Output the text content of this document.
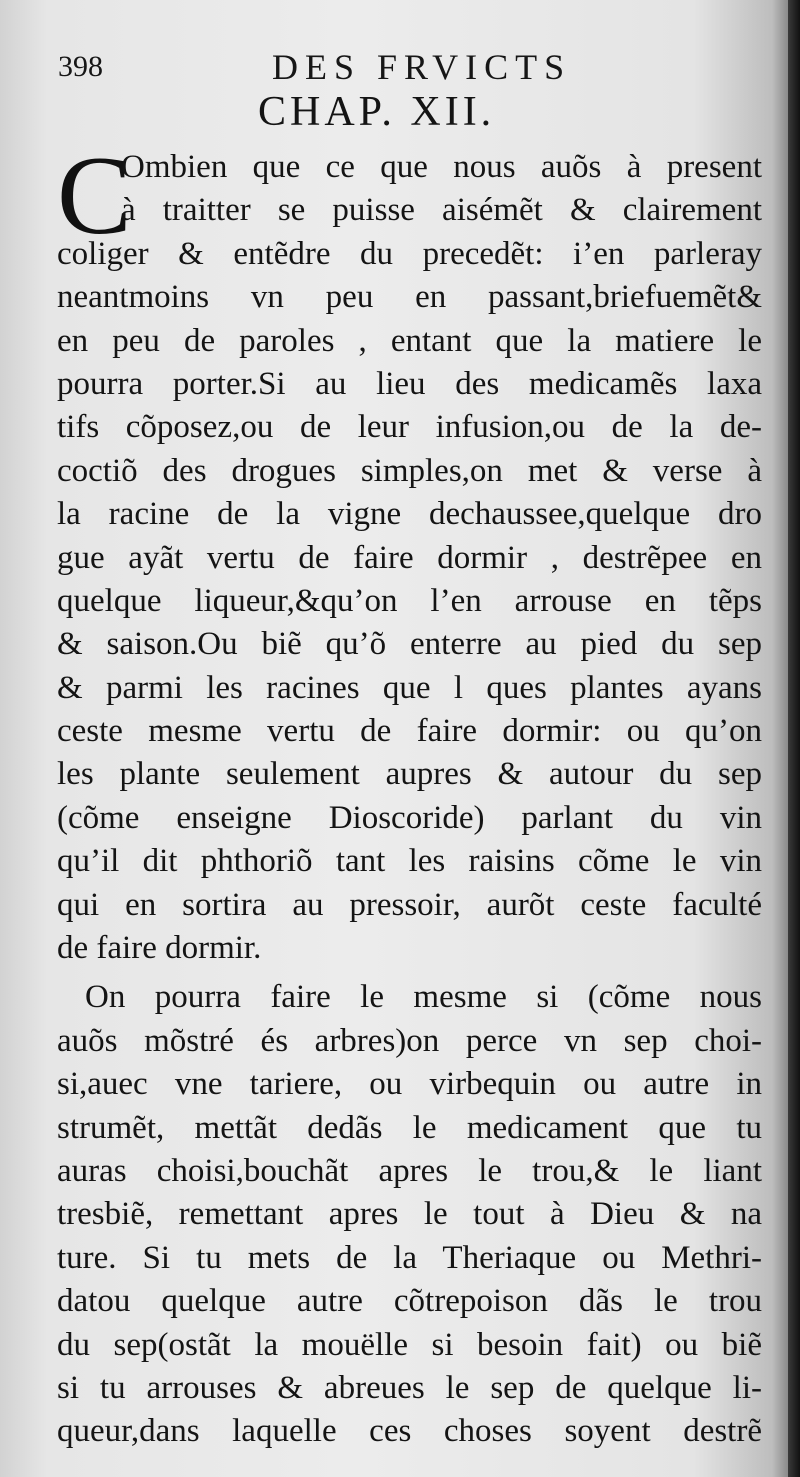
398	DES FRVICTS
CHAP. XII.
C
Ombien que ce que nous auõs à present
à traitter se puisse aisémẽt & clairement
coliger & entẽdre du precedẽt: i’en parleray
neantmoins vn peu en passant,briefuemẽt&
en peu de paroles , entant que la matiere le
pourra porter.Si au lieu des medicamẽs laxa
tifs cõposez,ou de leur infusion,ou de la de-
coctiõ des drogues simples,on met & verse à
la racine de la vigne dechaussee,quelque dro
gue ayãt vertu de faire dormir , destrẽpee en
quelque liqueur,&qu’on l’en arrouse en tẽps
& saison.Ou biẽ qu’õ enterre au pied du sep
& parmi les racines que l ques plantes ayans
ceste mesme vertu de faire dormir: ou qu’on
les plante seulement aupres & autour du sep
(cõme enseigne Dioscoride) parlant du vin
qu’il dit phthoriõ tant les raisins cõme le vin
qui en sortira au pressoir, aurõt ceste faculté
de faire dormir.
On pourra faire le mesme si (cõme nous
auõs mõstré és arbres)on perce vn sep choi-
si,auec vne tariere, ou virbequin ou autre in
strumẽt, mettãt dedãs le medicament que tu
auras choisi,bouchãt apres le trou,& le liant
tresbiẽ, remettant apres le tout à Dieu & na
ture. Si tu mets de la Theriaque ou Methri-
datou quelque autre cõtrepoison dãs le trou
du sep(ostãt la mouëlle si besoin fait) ou biẽ
si tu arrouses & abreues le sep de quelque li-
queur,dans laquelle ces choses soyent destrẽ
